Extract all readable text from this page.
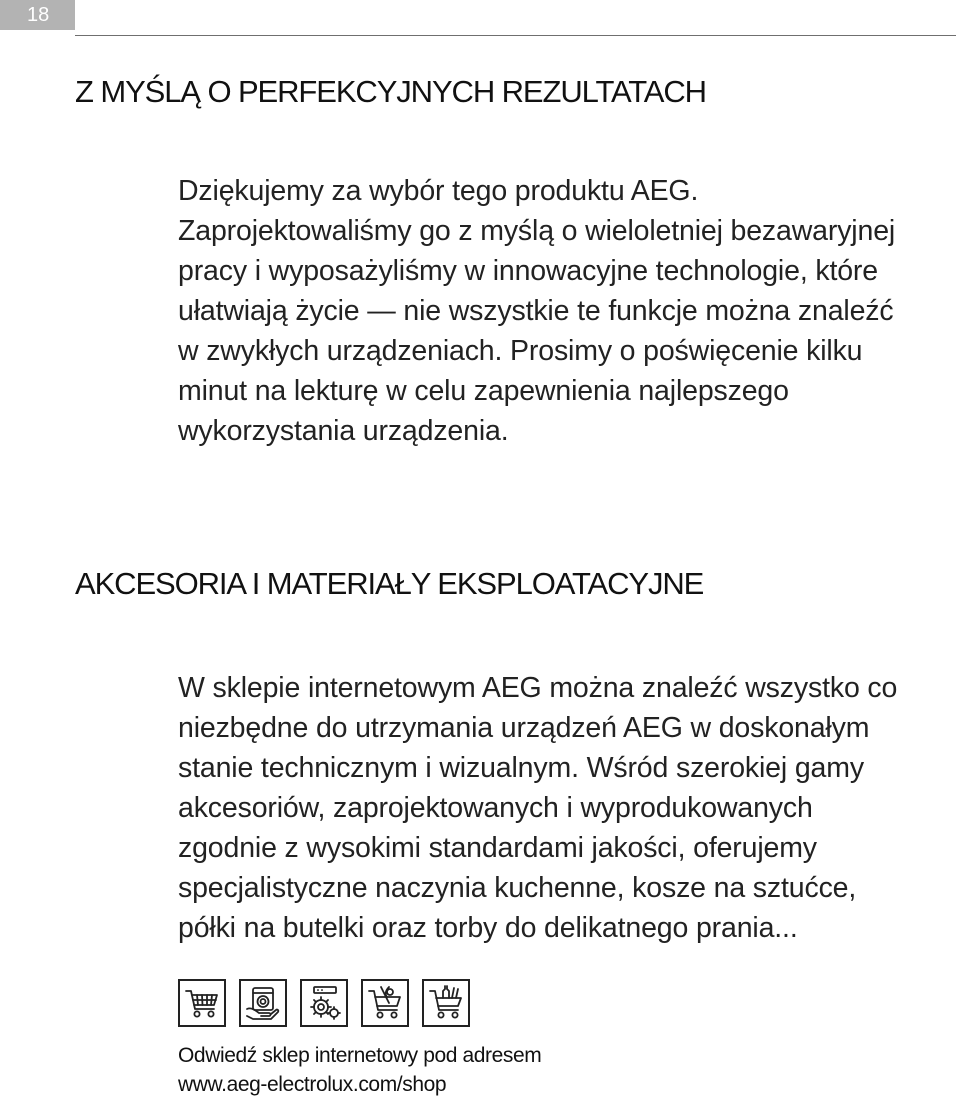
18
Z MYŚLĄ O PERFEKCYJNYCH REZULTATACH

Dziękujemy za wybór tego produktu AEG.
Zaprojektowaliśmy go z myślą o wieloletniej bezawaryjnej
pracy i wyposażyliśmy w innowacyjne technologie, które
ułatwiają życie — nie wszystkie te funkcje można znaleźć
w zwykłych urządzeniach. Prosimy o poświęcenie kilku
minut na lekturę w celu zapewnienia najlepszego
wykorzystania urządzenia.

AKCESORIA I MATERIAŁY EKSPLOATACYJNE

W sklepie internetowym AEG można znaleźć wszystko co
niezbędne do utrzymania urządzeń AEG w doskonałym
stanie technicznym i wizualnym. Wśród szerokiej gamy
akcesoriów, zaprojektowanych i wyprodukowanych
zgodnie z wysokimi standardami jakości, oferujemy
specjalistyczne naczynia kuchenne, kosze na sztućce,
półki na butelki oraz torby do delikatnego prania...

Odwiedź sklep internetowy pod adresem
www.aeg-electrolux.com/shop
